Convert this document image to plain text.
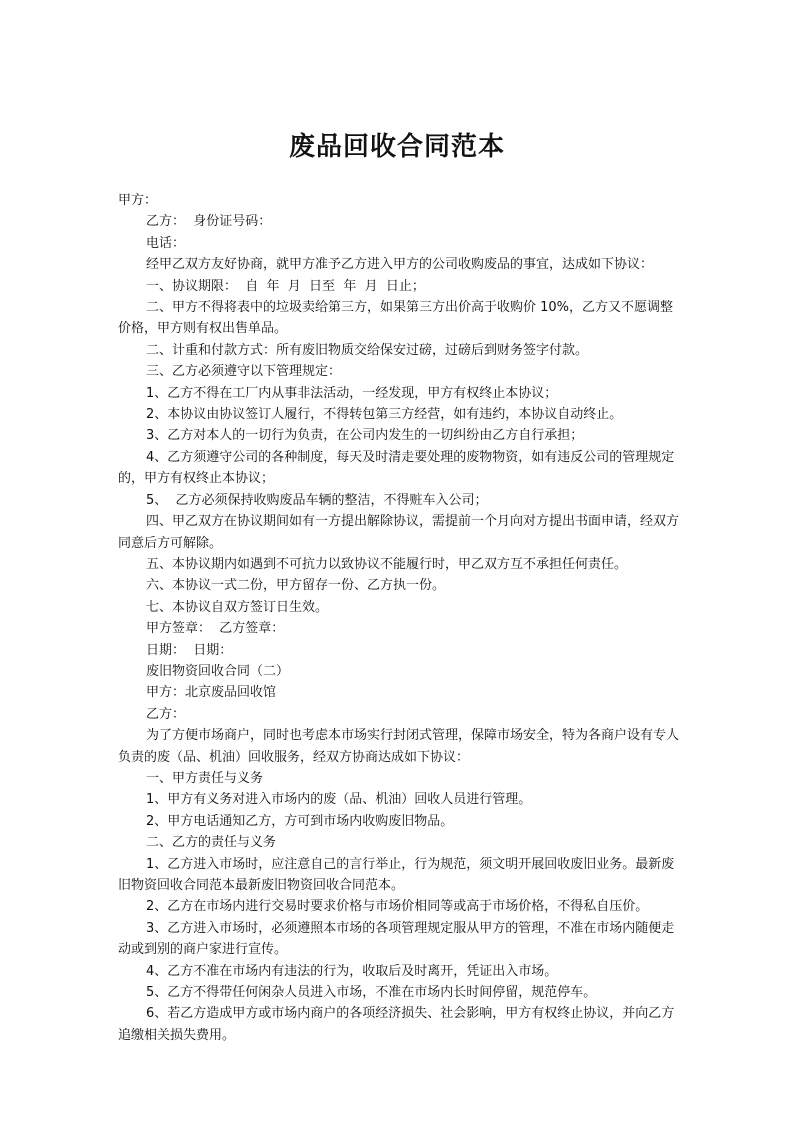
废品回收合同范本

甲方：

乙方：  身份证号码：

电话：

经甲乙双方友好协商，就甲方准予乙方进入甲方的公司收购废品的事宜，达成如下协议：

一、协议期限：  自  年  月  日至  年  月  日止；

二、甲方不得将表中的垃圾卖给第三方，如果第三方出价高于收购价 10%，乙方又不愿调整价格，甲方则有权出售单品。

二、计重和付款方式：所有废旧物质交给保安过磅，过磅后到财务签字付款。

三、乙方必须遵守以下管理规定：

1、乙方不得在工厂内从事非法活动，一经发现，甲方有权终止本协议；

2、本协议由协议签订人履行，不得转包第三方经营，如有违约，本协议自动终止。

3、乙方对本人的一切行为负责，在公司内发生的一切纠纷由乙方自行承担；

4、乙方须遵守公司的各种制度，每天及时清走要处理的废物物资，如有违反公司的管理规定的，甲方有权终止本协议；

5、  乙方必须保持收购废品车辆的整洁，不得赃车入公司；

四、甲乙双方在协议期间如有一方提出解除协议，需提前一个月向对方提出书面申请，经双方同意后方可解除。

五、本协议期内如遇到不可抗力以致协议不能履行时，甲乙双方互不承担任何责任。

六、本协议一式二份，甲方留存一份、乙方执一份。

七、本协议自双方签订日生效。

甲方签章：  乙方签章：

日期：  日期：

废旧物资回收合同（二）

甲方：北京废品回收馆

乙方：

为了方便市场商户，同时也考虑本市场实行封闭式管理，保障市场安全，特为各商户设有专人负责的废（品、机油）回收服务，经双方协商达成如下协议：

一、甲方责任与义务

1、甲方有义务对进入市场内的废（品、机油）回收人员进行管理。

2、甲方电话通知乙方，方可到市场内收购废旧物品。

二、乙方的责任与义务

1、乙方进入市场时，应注意自己的言行举止，行为规范，须文明开展回收废旧业务。最新废旧物资回收合同范本最新废旧物资回收合同范本。

2、乙方在市场内进行交易时要求价格与市场价相同等或高于市场价格，不得私自压价。

3、乙方进入市场时，必须遵照本市场的各项管理规定服从甲方的管理，不准在市场内随便走动或到别的商户家进行宣传。

4、乙方不准在市场内有违法的行为，收取后及时离开，凭证出入市场。

5、乙方不得带任何闲杂人员进入市场，不准在市场内长时间停留，规范停车。

6、若乙方造成甲方或市场内商户的各项经济损失、社会影响，甲方有权终止协议，并向乙方追缴相关损失费用。
